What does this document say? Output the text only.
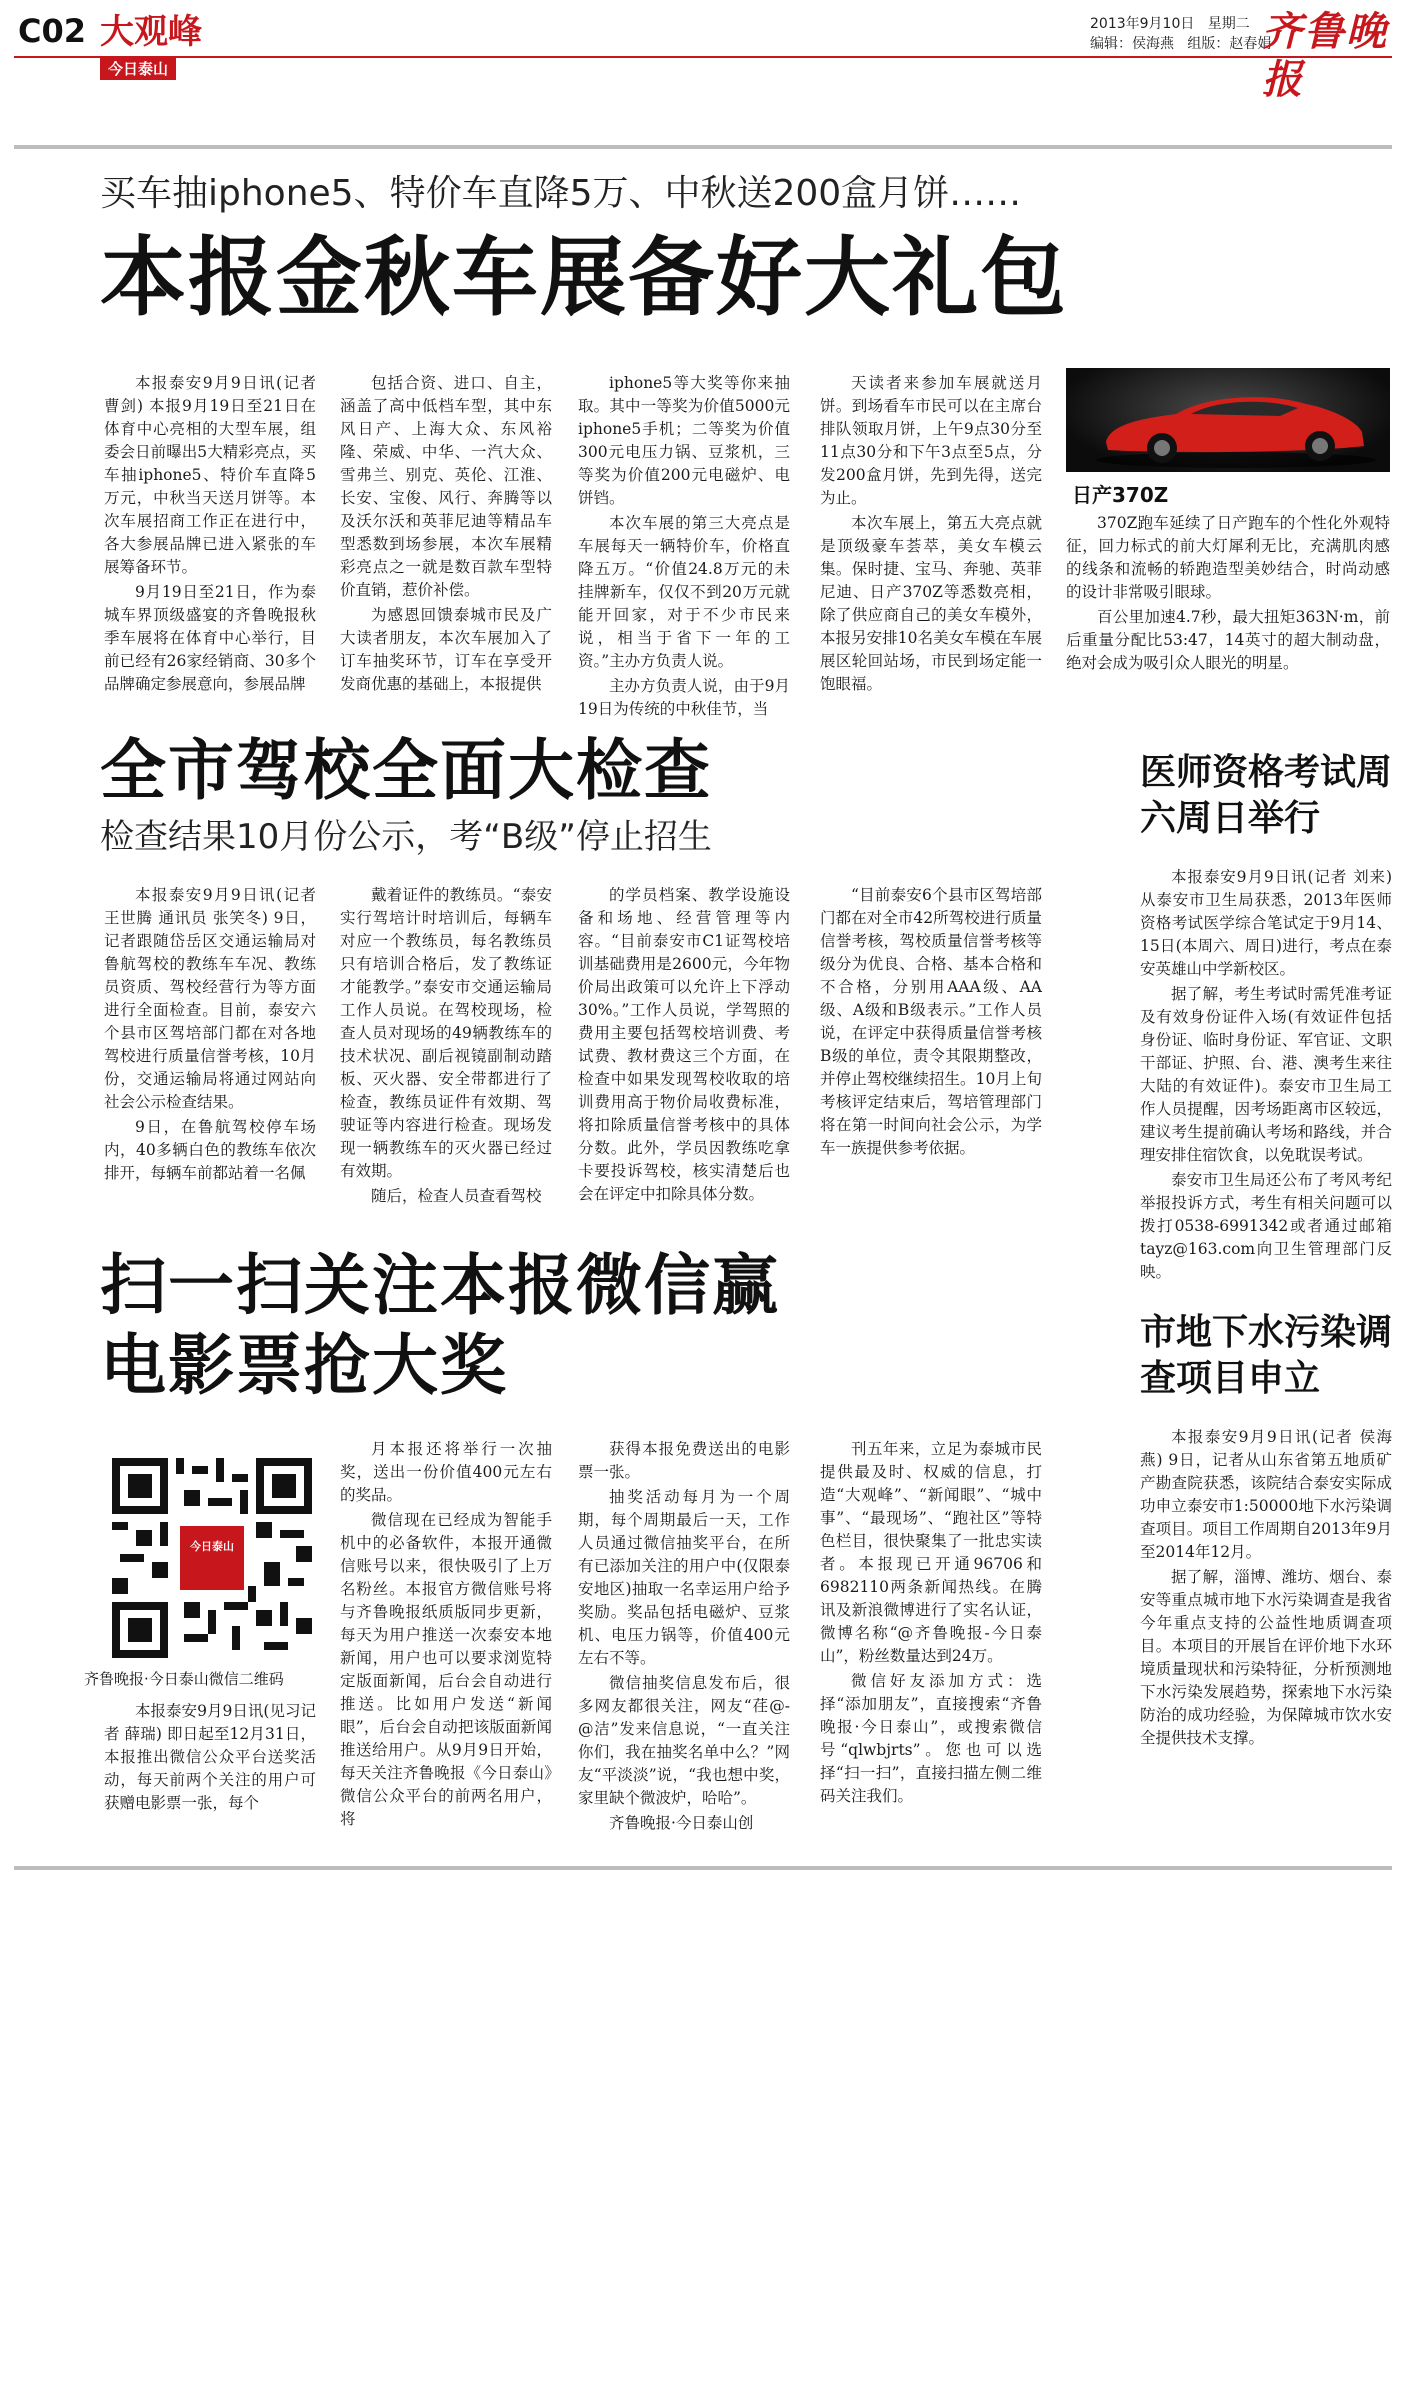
C02 大观峰
今日泰山
2013年9月10日 星期二
编辑：侯海燕 组版：赵春娟
齐鲁晚报
买车抽iphone5、特价车直降5万、中秋送200盒月饼……
本报金秋车展备好大礼包

本报泰安9月9日讯(记者 曹剑) 本报9月19日至21日在体育中心亮相的大型车展，组委会日前曝出5大精彩亮点，买车抽iphone5、特价车直降5万元，中秋当天送月饼等。本次车展招商工作正在进行中，各大参展品牌已进入紧张的车展筹备环节。

9月19日至21日，作为泰城车界顶级盛宴的齐鲁晚报秋季车展将在体育中心举行，目前已经有26家经销商、30多个品牌确定参展意向，参展品牌

包括合资、进口、自主，涵盖了高中低档车型，其中东风日产、上海大众、东风裕隆、荣威、中华、一汽大众、雪弗兰、别克、英伦、江淮、长安、宝俊、风行、奔腾等以及沃尔沃和英菲尼迪等精品车型悉数到场参展，本次车展精彩亮点之一就是数百款车型特价直销，惹价补偿。

为感恩回馈泰城市民及广大读者朋友，本次车展加入了订车抽奖环节，订车在享受开发商优惠的基础上，本报提供

iphone5等大奖等你来抽取。其中一等奖为价值5000元iphone5手机；二等奖为价值300元电压力锅、豆浆机，三等奖为价值200元电磁炉、电饼铛。

本次车展的第三大亮点是车展每天一辆特价车，价格直降五万。“价值24.8万元的未挂牌新车，仅仅不到20万元就能开回家，对于不少市民来说，相当于省下一年的工资。”主办方负责人说。

主办方负责人说，由于9月19日为传统的中秋佳节，当

天读者来参加车展就送月饼。到场看车市民可以在主席台排队领取月饼，上午9点30分至11点30分和下午3点至5点，分发200盒月饼，先到先得，送完为止。

本次车展上，第五大亮点就是顶级豪车荟萃，美女车模云集。保时捷、宝马、奔驰、英菲尼迪、日产370Z等悉数亮相，除了供应商自己的美女车模外，本报另安排10名美女车模在车展展区轮回站场，市民到场定能一饱眼福。

日产370Z

370Z跑车延续了日产跑车的个性化外观特征，回力标式的前大灯犀利无比，充满肌肉感的线条和流畅的轿跑造型美妙结合，时尚动感的设计非常吸引眼球。

百公里加速4.7秒，最大扭矩363N·m，前后重量分配比53:47，14英寸的超大制动盘，绝对会成为吸引众人眼光的明星。

全市驾校全面大检查
检查结果10月份公示，考“B级”停止招生

本报泰安9月9日讯(记者 王世腾 通讯员 张笑冬) 9日，记者跟随岱岳区交通运输局对鲁航驾校的教练车车况、教练员资质、驾校经营行为等方面进行全面检查。目前，泰安六个县市区驾培部门都在对各地驾校进行质量信誉考核，10月份，交通运输局将通过网站向社会公示检查结果。

9日，在鲁航驾校停车场内，40多辆白色的教练车依次排开，每辆车前都站着一名佩

戴着证件的教练员。“泰安实行驾培计时培训后，每辆车对应一个教练员，每名教练员只有培训合格后，发了教练证才能教学。”泰安市交通运输局工作人员说。在驾校现场，检查人员对现场的49辆教练车的技术状况、副后视镜副制动踏板、灭火器、安全带都进行了检查，教练员证件有效期、驾驶证等内容进行检查。现场发现一辆教练车的灭火器已经过有效期。

随后，检查人员查看驾校

的学员档案、教学设施设备和场地、经营管理等内容。“目前泰安市C1证驾校培训基础费用是2600元，今年物价局出政策可以允许上下浮动30%。”工作人员说，学驾照的费用主要包括驾校培训费、考试费、教材费这三个方面，在检查中如果发现驾校收取的培训费用高于物价局收费标准，将扣除质量信誉考核中的具体分数。此外，学员因教练吃拿卡要投诉驾校，核实清楚后也会在评定中扣除具体分数。

“目前泰安6个县市区驾培部门都在对全市42所驾校进行质量信誉考核，驾校质量信誉考核等级分为优良、合格、基本合格和不合格，分别用AAA级、AA级、A级和B级表示。”工作人员说，在评定中获得质量信誉考核B级的单位，责令其限期整改，并停止驾校继续招生。10月上旬考核评定结束后，驾培管理部门将在第一时间向社会公示，为学车一族提供参考依据。

医师资格考试周六周日举行

本报泰安9月9日讯(记者 刘来) 从泰安市卫生局获悉，2013年医师资格考试医学综合笔试定于9月14、15日(本周六、周日)进行，考点在泰安英雄山中学新校区。

据了解，考生考试时需凭准考证及有效身份证件入场(有效证件包括身份证、临时身份证、军官证、文职干部证、护照、台、港、澳考生来往大陆的有效证件)。泰安市卫生局工作人员提醒，因考场距离市区较远，建议考生提前确认考场和路线，并合理安排住宿饮食，以免耽误考试。

泰安市卫生局还公布了考风考纪举报投诉方式，考生有相关问题可以拨打0538-6991342或者通过邮箱tayz@163.com向卫生管理部门反映。

扫一扫关注本报微信赢电影票抢大奖
今日泰山
齐鲁晚报·今日泰山微信二维码

本报泰安9月9日讯(见习记者 薛瑞) 即日起至12月31日，本报推出微信公众平台送奖活动，每天前两个关注的用户可获赠电影票一张，每个

月本报还将举行一次抽奖，送出一份价值400元左右的奖品。

微信现在已经成为智能手机中的必备软件，本报开通微信账号以来，很快吸引了上万名粉丝。本报官方微信账号将与齐鲁晚报纸质版同步更新，每天为用户推送一次泰安本地新闻，用户也可以要求浏览特定版面新闻，后台会自动进行推送。比如用户发送“新闻眼”，后台会自动把该版面新闻推送给用户。从9月9日开始，每天关注齐鲁晚报《今日泰山》微信公众平台的前两名用户，将

获得本报免费送出的电影票一张。

抽奖活动每月为一个周期，每个周期最后一天，工作人员通过微信抽奖平台，在所有已添加关注的用户中(仅限泰安地区)抽取一名幸运用户给予奖励。奖品包括电磁炉、豆浆机、电压力锅等，价值400元左右不等。

微信抽奖信息发布后，很多网友都很关注，网友“荏@-@洁”发来信息说，“一直关注你们，我在抽奖名单中么？”网友“平淡淡”说，“我也想中奖，家里缺个微波炉，哈哈”。

齐鲁晚报·今日泰山创

刊五年来，立足为泰城市民提供最及时、权威的信息，打造“大观峰”、“新闻眼”、“城中事”、“最现场”、“跑社区”等特色栏目，很快聚集了一批忠实读者。本报现已开通96706和6982110两条新闻热线。在腾讯及新浪微博进行了实名认证，微博名称“@齐鲁晚报-今日泰山”，粉丝数量达到24万。

微信好友添加方式：选择“添加朋友”，直接搜索“齐鲁晚报·今日泰山”，或搜索微信号“qlwbjrts”。您也可以选择“扫一扫”，直接扫描左侧二维码关注我们。

市地下水污染调查项目申立

本报泰安9月9日讯(记者 侯海燕) 9日，记者从山东省第五地质矿产勘查院获悉，该院结合泰安实际成功申立泰安市1:50000地下水污染调查项目。项目工作周期自2013年9月至2014年12月。

据了解，淄博、潍坊、烟台、泰安等重点城市地下水污染调查是我省今年重点支持的公益性地质调查项目。本项目的开展旨在评价地下水环境质量现状和污染特征，分析预测地下水污染发展趋势，探索地下水污染防治的成功经验，为保障城市饮水安全提供技术支撑。
